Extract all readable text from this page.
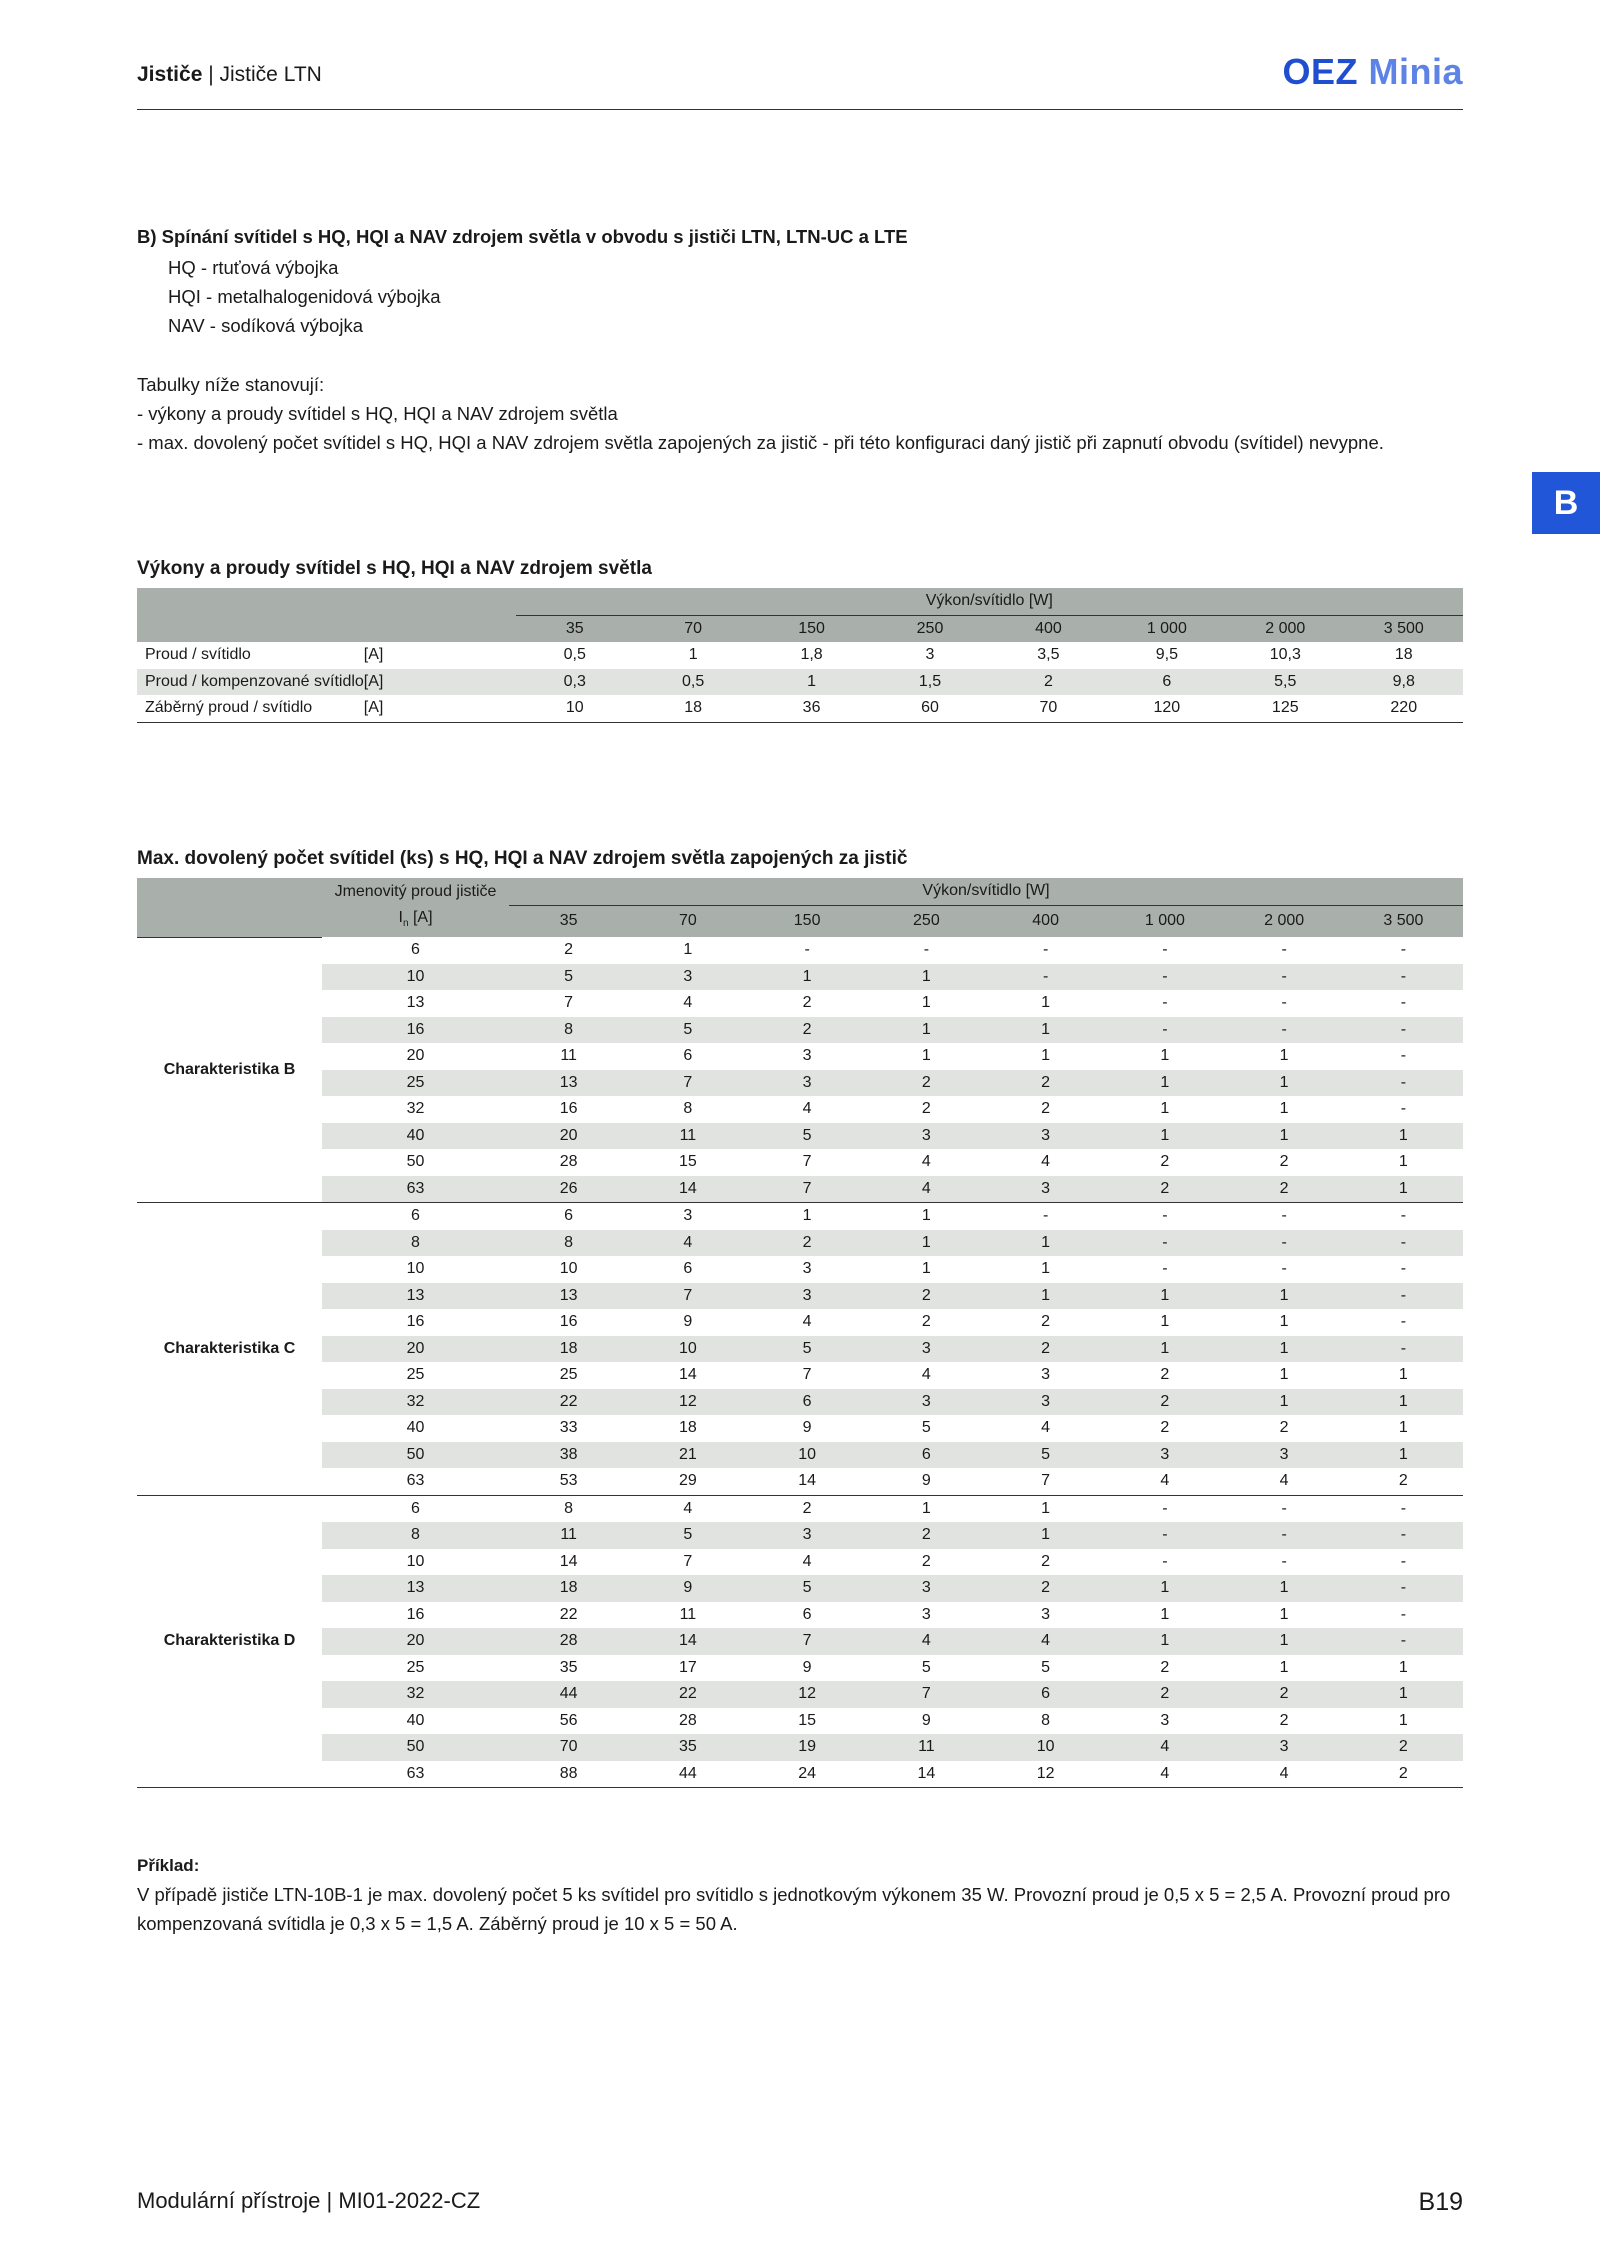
Jističe | Jističe LTN	OEZ Minia
B
B) Spínání svítidel s HQ, HQI a NAV zdrojem světla v obvodu s jističi LTN, LTN-UC a LTE

HQ - rtuťová výbojka

HQI - metalhalogenidová výbojka

NAV - sodíková výbojka

Tabulky níže stanovují:

- výkony a proudy svítidel s HQ, HQI a NAV zdrojem světla

- max. dovolený počet svítidel s HQ, HQI a NAV zdrojem světla zapojených za jistič - při této konfiguraci daný jistič při zapnutí obvodu (svítidel) nevypne.

Výkony a proudy svítidel s HQ, HQI a NAV zdrojem světla
			Výkon/svítidlo [W]							
			35	70	150	250	400	1 000	2 000	3 500
Proud / svítidlo	[A]		0,5	1	1,8	3	3,5	9,5	10,3	18
Proud / kompenzované svítidlo	[A]		0,3	0,5	1	1,5	2	6	5,5	9,8
Záběrný proud / svítidlo	[A]		10	18	36	60	70	120	125	220
Max. dovolený počet svítidel (ks) s HQ, HQI a NAV zdrojem světla zapojených za jistič
	Jmenovitý proud jističe	Výkon/svítidlo [W]							
	$I_n$ [A]	35	70	150	250	400	1 000	2 000	3 500
Charakteristika B	6	2	1	-	-	-	-	-	-
	10	5	3	1	1	-	-	-	-
	13	7	4	2	1	1	-	-	-
	16	8	5	2	1	1	-	-	-
	20	11	6	3	1	1	1	1	-
	25	13	7	3	2	2	1	1	-
	32	16	8	4	2	2	1	1	-
	40	20	11	5	3	3	1	1	1
	50	28	15	7	4	4	2	2	1
	63	26	14	7	4	3	2	2	1
Charakteristika C	6	6	3	1	1	-	-	-	-
	8	8	4	2	1	1	-	-	-
	10	10	6	3	1	1	-	-	-
	13	13	7	3	2	1	1	1	-
	16	16	9	4	2	2	1	1	-
	20	18	10	5	3	2	1	1	-
	25	25	14	7	4	3	2	1	1
	32	22	12	6	3	3	2	1	1
	40	33	18	9	5	4	2	2	1
	50	38	21	10	6	5	3	3	1
	63	53	29	14	9	7	4	4	2
Charakteristika D	6	8	4	2	1	1	-	-	-
	8	11	5	3	2	1	-	-	-
	10	14	7	4	2	2	-	-	-
	13	18	9	5	3	2	1	1	-
	16	22	11	6	3	3	1	1	-
	20	28	14	7	4	4	1	1	-
	25	35	17	9	5	5	2	1	1
	32	44	22	12	7	6	2	2	1
	40	56	28	15	9	8	3	2	1
	50	70	35	19	11	10	4	3	2
	63	88	44	24	14	12	4	4	2
Příklad:
V případě jističe LTN-10B-1 je max. dovolený počet 5 ks svítidel pro svítidlo s jednotkovým výkonem 35 W. Provozní proud je 0,5 x 5 = 2,5 A. Provozní proud pro kompenzovaná svítidla je 0,3 x 5 = 1,5 A. Záběrný proud je 10 x 5 = 50 A.
Modulární přístroje | MI01-2022-CZ	B19
